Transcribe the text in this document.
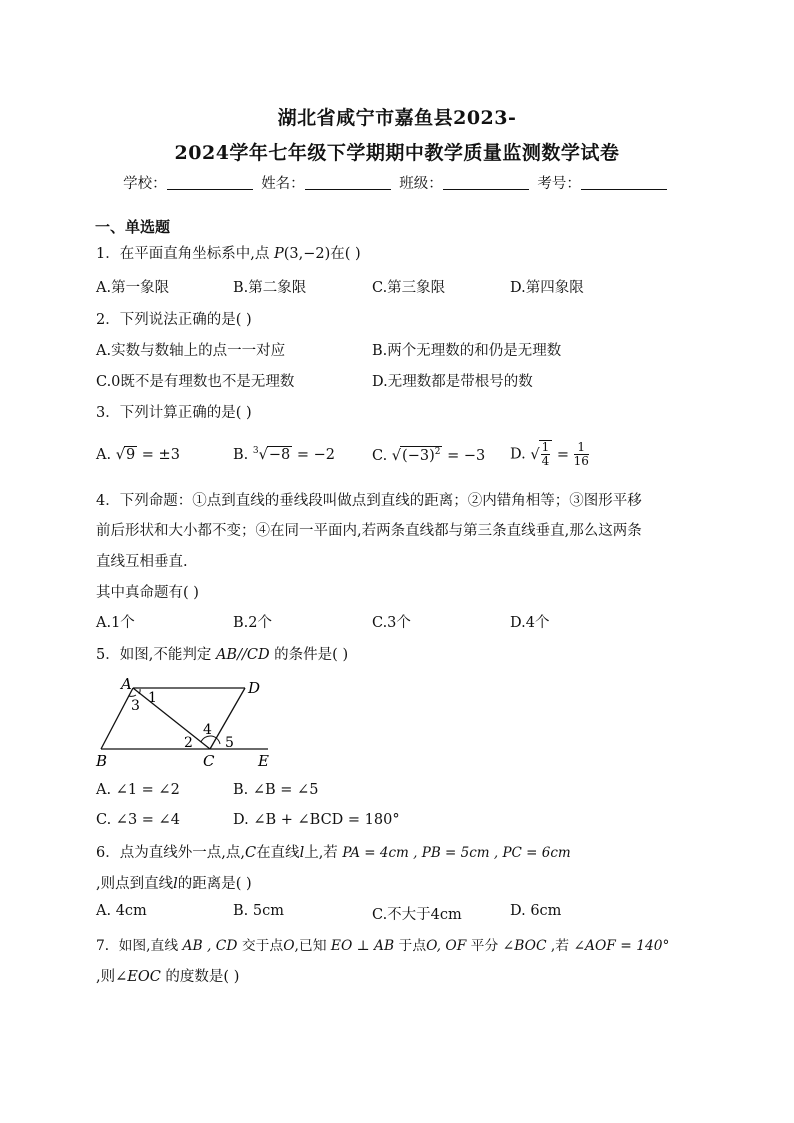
湖北省咸宁市嘉鱼县2023-
2024学年七年级下学期期中教学质量监测数学试卷
学校：	姓名：	班级：	考号：
一、单选题
1．在平面直角坐标系中,点 P(3,−2)在( )
A.第一象限	B.第二象限	C.第三象限	D.第四象限
2．下列说法正确的是( )
A.实数与数轴上的点一一对应	B.两个无理数的和仍是无理数
C.0既不是有理数也不是无理数	D.无理数都是带根号的数
3．下列计算正确的是( )
A. √9 = ±3	B. $^3$√−8 = −2	C. $√(-3)^2 = -3$ D. √ $\frac{1}{4} = \frac{1}{16}$
4．下列命题：①点到直线的垂线段叫做点到直线的距离；②内错角相等；③图形平移
前后形状和大小都不变；④在同一平面内,若两条直线都与第三条直线垂直,那么这两条
直线互相垂直.
其中真命题有( )
A.1个	B.2个	C.3个	D.4个
5．如图,不能判定 AB//CD 的条件是( )
A
1
3
D
4
2 5
B	C	E
A. ∠1 = ∠2	B. ∠B = ∠5
C. ∠3 = ∠4	D. ∠B + ∠BCD = 180°
6．点为直线外一点,点,C在直线l上,若 PA = 4cm , PB = 5cm , PC = 6cm
,则点到直线l的距离是( )
A. 4cm	B. 5cm	C.不大于4cm	D. 6cm
7．如图,直线 AB , CD 交于点O,已知 EO ⊥ AB 于点O, OF 平分 ∠BOC ,若 ∠AOF = 140°
,则∠EOC 的度数是( )
